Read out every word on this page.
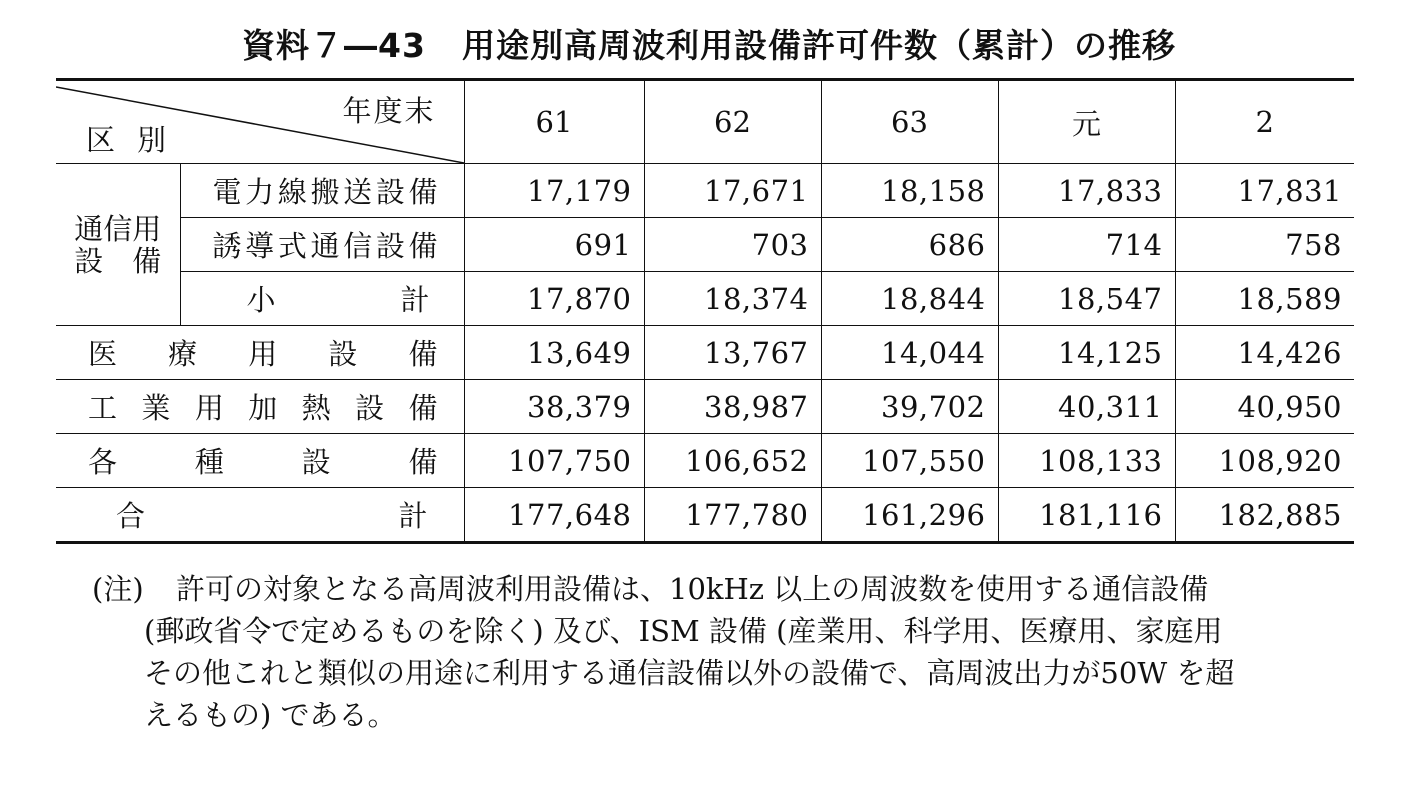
資料７―43 用途別高周波利用設備許可件数（累計）の推移
年度末
区別		61	62	63	元	2

通信用
設　備	電力線搬送設備	17,179	17,671	18,158	17,833	17,831
	誘導式通信設備	691	703	686	714	758
	小計	17,870	18,374	18,844	18,547	18,589
医療用設備		13,649	13,767	14,044	14,125	14,426
工業用加熱設備		38,379	38,987	39,702	40,311	40,950
各種設備		107,750	106,652	107,550	108,133	108,920
合計		177,648	177,780	161,296	181,116	182,885
(注) 許可の対象となる高周波利用設備は、10kHz 以上の周波数を使用する通信設備
(郵政省令で定めるものを除く) 及び、ISM 設備 (産業用、科学用、医療用、家庭用
その他これと類似の用途に利用する通信設備以外の設備で、高周波出力が50W を超
えるもの) である。
